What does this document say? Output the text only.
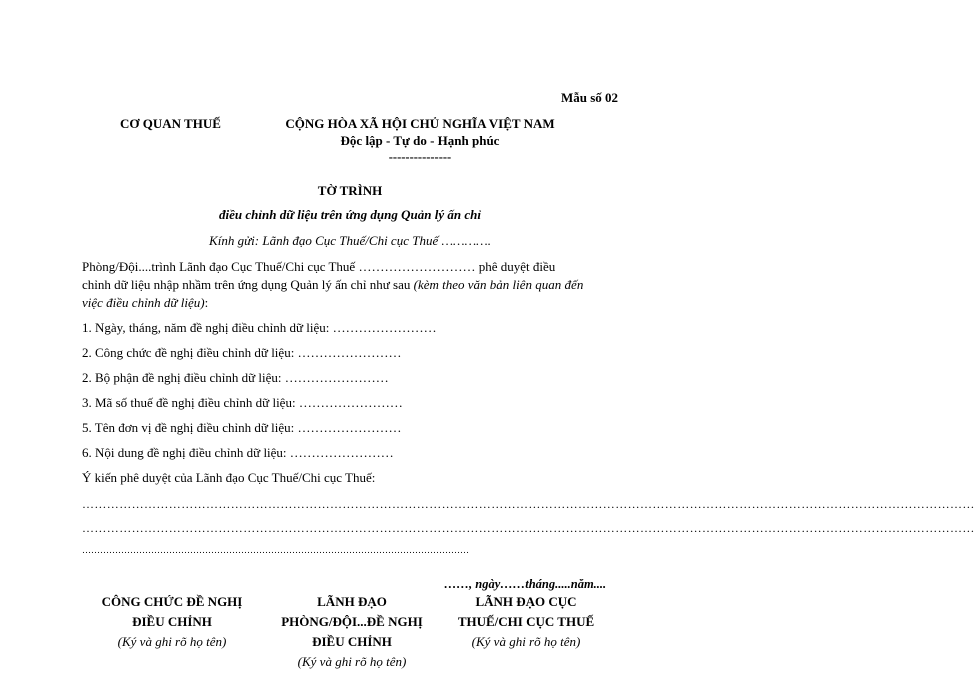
Mẫu số 02
CƠ QUAN THUẾ	CỘNG HÒA XÃ HỘI CHỦ NGHĨA VIỆT NAM
Độc lập - Tự do - Hạnh phúc
---------------
TỜ TRÌNH
điều chỉnh dữ liệu trên ứng dụng Quản lý ấn chỉ
Kính gửi: Lãnh đạo Cục Thuế/Chi cục Thuế ………….
Phòng/Đội....trình Lãnh đạo Cục Thuế/Chi cục Thuế ……………………… phê duyệt điều
chỉnh dữ liệu nhập nhầm trên ứng dụng Quản lý ấn chỉ như sau (kèm theo văn bản liên quan đến
việc điều chỉnh dữ liệu):
1. Ngày, tháng, năm đề nghị điều chỉnh dữ liệu: ……………………
2. Công chức đề nghị điều chỉnh dữ liệu: ……………………
2. Bộ phận đề nghị điều chỉnh dữ liệu: ……………………
3. Mã số thuế đề nghị điều chỉnh dữ liệu: ……………………
5. Tên đơn vị đề nghị điều chỉnh dữ liệu: ……………………
6. Nội dung đề nghị điều chỉnh dữ liệu: ……………………
Ý kiến phê duyệt của Lãnh đạo Cục Thuế/Chi cục Thuế:
………………………………………………………………………………………………………………………………………………………………………………………………
………………………………………………………………………………………………………………………………………………………………………………………………
…………………………………………………………………………………………………………………
……, ngày……tháng.....năm....
CÔNG CHỨC ĐỀ NGHỊ
ĐIỀU CHỈNH
(Ký và ghi rõ họ tên)
LÃNH ĐẠO
PHÒNG/ĐỘI...ĐỀ NGHỊ
ĐIỀU CHỈNH
(Ký và ghi rõ họ tên)
LÃNH ĐẠO CỤC
THUẾ/CHI CỤC THUẾ
(Ký và ghi rõ họ tên)
